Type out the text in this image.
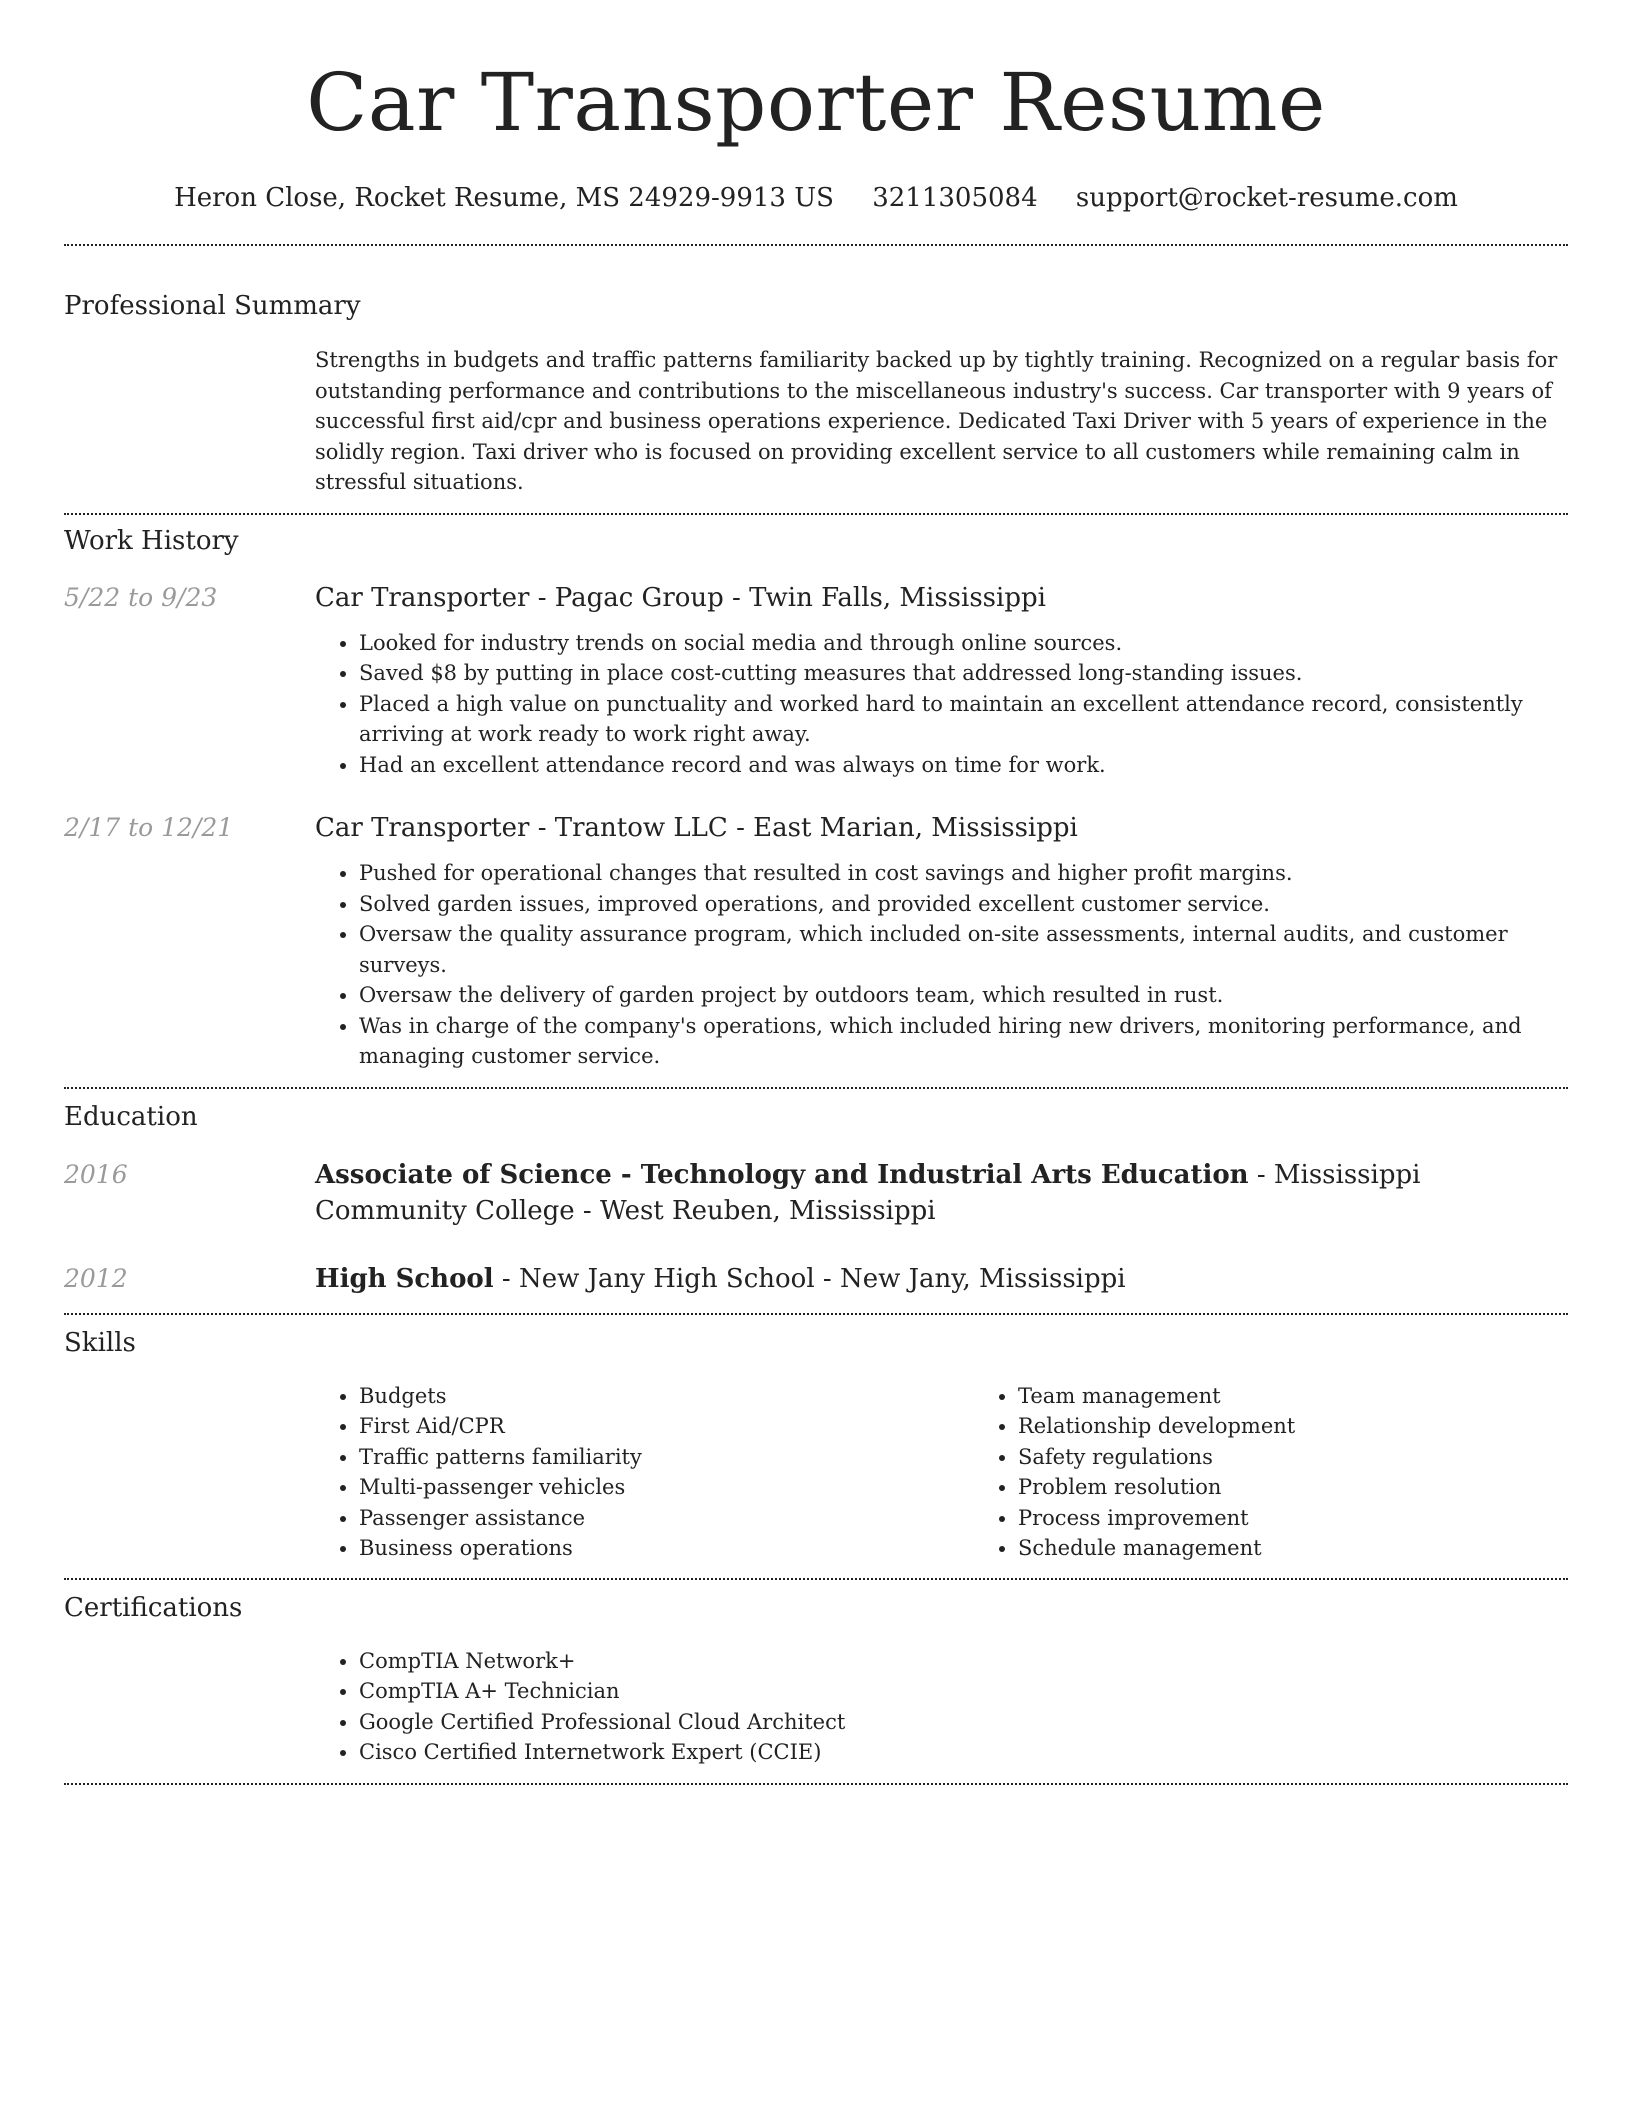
Car Transporter Resume
Heron Close, Rocket Resume, MS 24929-9913 US 3211305084 support@rocket-resume.com
Professional Summary
Strengths in budgets and traffic patterns familiarity backed up by tightly training. Recognized on a regular basis for outstanding performance and contributions to the miscellaneous industry's success. Car transporter with 9 years of successful first aid/cpr and business operations experience. Dedicated Taxi Driver with 5 years of experience in the solidly region. Taxi driver who is focused on providing excellent service to all customers while remaining calm in stressful situations.
Work History
5/22 to 9/23	Car Transporter - Pagac Group - Twin Falls, Mississippi
• Looked for industry trends on social media and through online sources.
• Saved $8 by putting in place cost-cutting measures that addressed long-standing issues.
• Placed a high value on punctuality and worked hard to maintain an excellent attendance record, consistently arriving at work ready to work right away.
• Had an excellent attendance record and was always on time for work.
2/17 to 12/21	Car Transporter - Trantow LLC - East Marian, Mississippi
• Pushed for operational changes that resulted in cost savings and higher profit margins.
• Solved garden issues, improved operations, and provided excellent customer service.
• Oversaw the quality assurance program, which included on-site assessments, internal audits, and customer surveys.
• Oversaw the delivery of garden project by outdoors team, which resulted in rust.
• Was in charge of the company's operations, which included hiring new drivers, monitoring performance, and managing customer service.
Education
2016	Associate of Science - Technology and Industrial Arts Education - Mississippi Community College - West Reuben, Mississippi
2012	High School - New Jany High School - New Jany, Mississippi
Skills
• Budgets
• First Aid/CPR
• Traffic patterns familiarity
• Multi-passenger vehicles
• Passenger assistance
• Business operations
• Team management
• Relationship development
• Safety regulations
• Problem resolution
• Process improvement
• Schedule management
Certifications
• CompTIA Network+
• CompTIA A+ Technician
• Google Certified Professional Cloud Architect
• Cisco Certified Internetwork Expert (CCIE)
